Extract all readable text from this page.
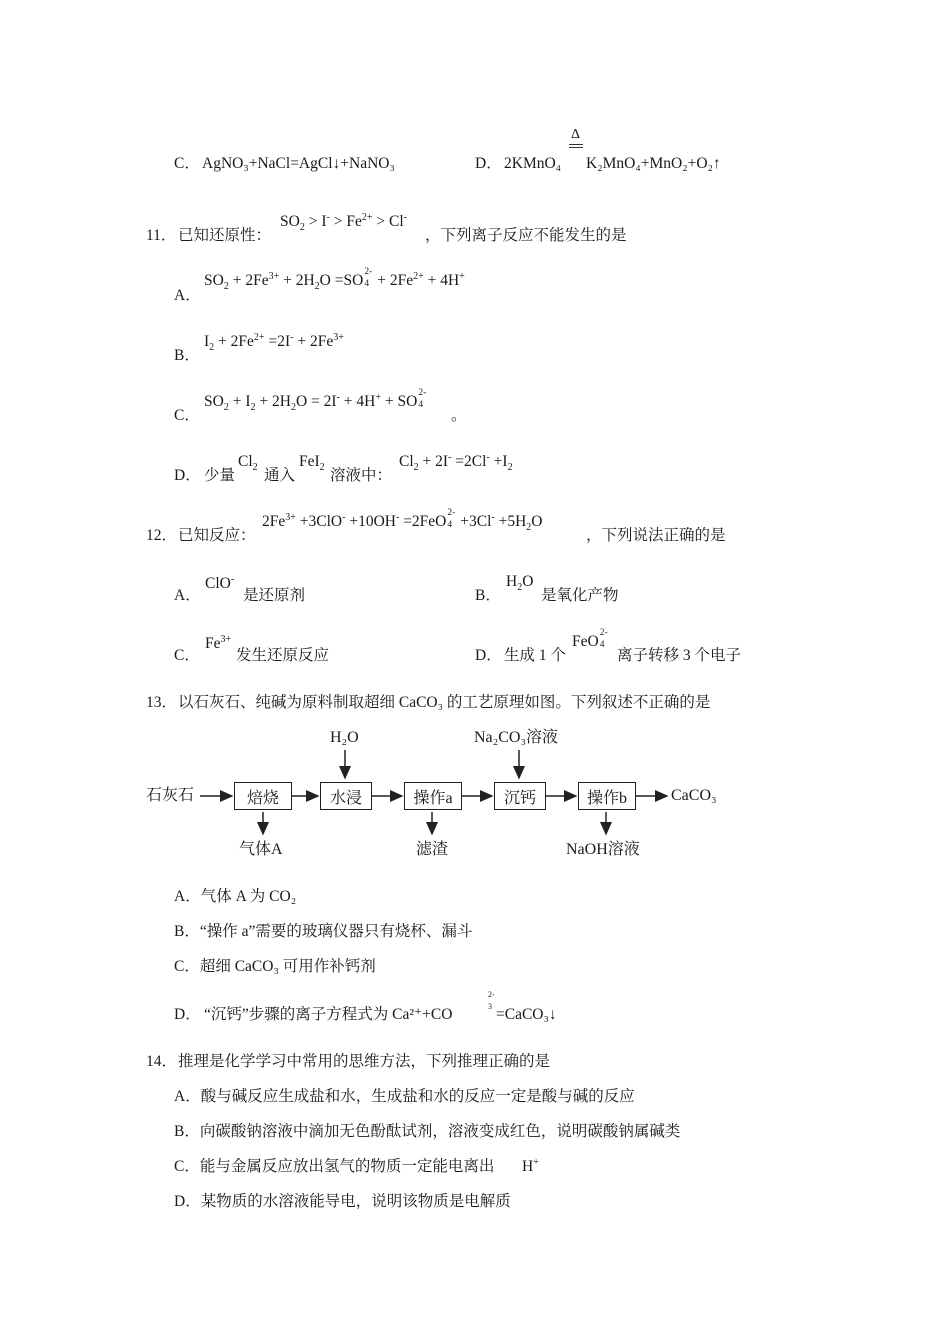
C． AgNO₃+NaCl=AgCl↓+NaNO₃	D． 2KMnO₄
Δ
K₂MnO₄+MnO₂+O₂↑
11． 已知还原性：
$SO_2 > I^- > Fe^{2+} > Cl^-$
，下列离子反应不能发生的是
A．
$SO_2 + 2Fe^{3+} + 2H_2O =SO$ 2-
$4 + 2Fe^{2+} + 4H^+$
B．
$I_2 + 2Fe^{2+} =2I^- + 2Fe^{3+}$
C．
$SO_2 + I_2 + 2H_2O = 2I^- + 4H^+$ + SO 2-
4
。
D． 少量
$Cl_2$ 通入
FeI$_2$ 溶液中：
$Cl_2 + 2I^- =2Cl^- +I_2$
12． 已知反应：
$2Fe^{3+} +3ClO^- +10OH^- =2FeO$ 2-
$4 +3Cl^- +5H_2O$
，下列说法正确的是
A．
ClO-
是还原剂	B．
$H_2O$
是氧化产物
C．
$Fe^{3+}$
发生还原反应	D． 生成 1 个
FeO 2-
4
离子转移 3 个电子
13． 以石灰石、纯碱为原料制取超细 CaCO₃ 的工艺原理如图。下列叙述不正确的是
石灰石	焙烧	水浸	操作a	沉钙	操作b	CaCO₃
H₂O	Na₂CO₃溶液
气体A	滤渣	NaOH溶液
A．气体 A 为 CO₂
B．“操作 a”需要的玻璃仪器只有烧杯、漏斗
C．超细 CaCO₃ 可用作补钙剂
D． “沉钙”步骤的离子方程式为 Ca²⁺+CO
2-
3 =CaCO₃↓
14． 推理是化学学习中常用的思维方法，下列推理正确的是
A．酸与碱反应生成盐和水，生成盐和水的反应一定是酸与碱的反应
B．向碳酸钠溶液中滴加无色酚酞试剂，溶液变成红色，说明碳酸钠属碱类
C．能与金属反应放出氢气的物质一定能电离出 H+
D．某物质的水溶液能导电，说明该物质是电解质
